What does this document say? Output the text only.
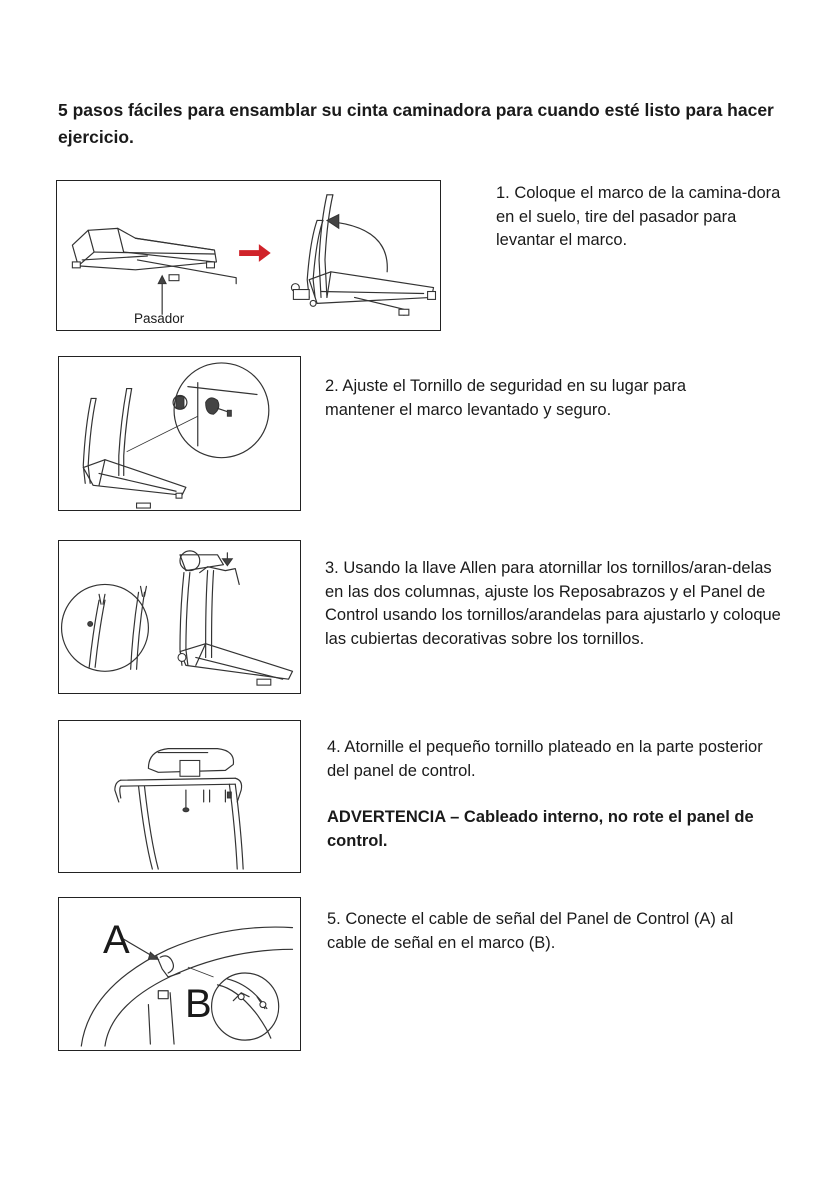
5 pasos fáciles para ensamblar su cinta caminadora para cuando esté listo para hacer ejercicio.

Pasador

1. Coloque el marco de la camina-dora en el suelo, tire del pasador para levantar el marco.

2. Ajuste el Tornillo de seguridad en su lugar para mantener el marco levantado y seguro.

3. Usando la llave Allen para atornillar los tornillos/aran-delas en las dos columnas, ajuste los Reposabrazos y el Panel de Control usando los tornillos/arandelas para ajustarlo y coloque las cubiertas decorativas sobre los tornillos.

4. Atornille el pequeño tornillo plateado en la parte posterior del panel de control.

ADVERTENCIA – Cableado interno, no rote el panel de control.

A
B

5. Conecte el cable de señal del Panel de Control (A) al cable de señal en el marco (B).
